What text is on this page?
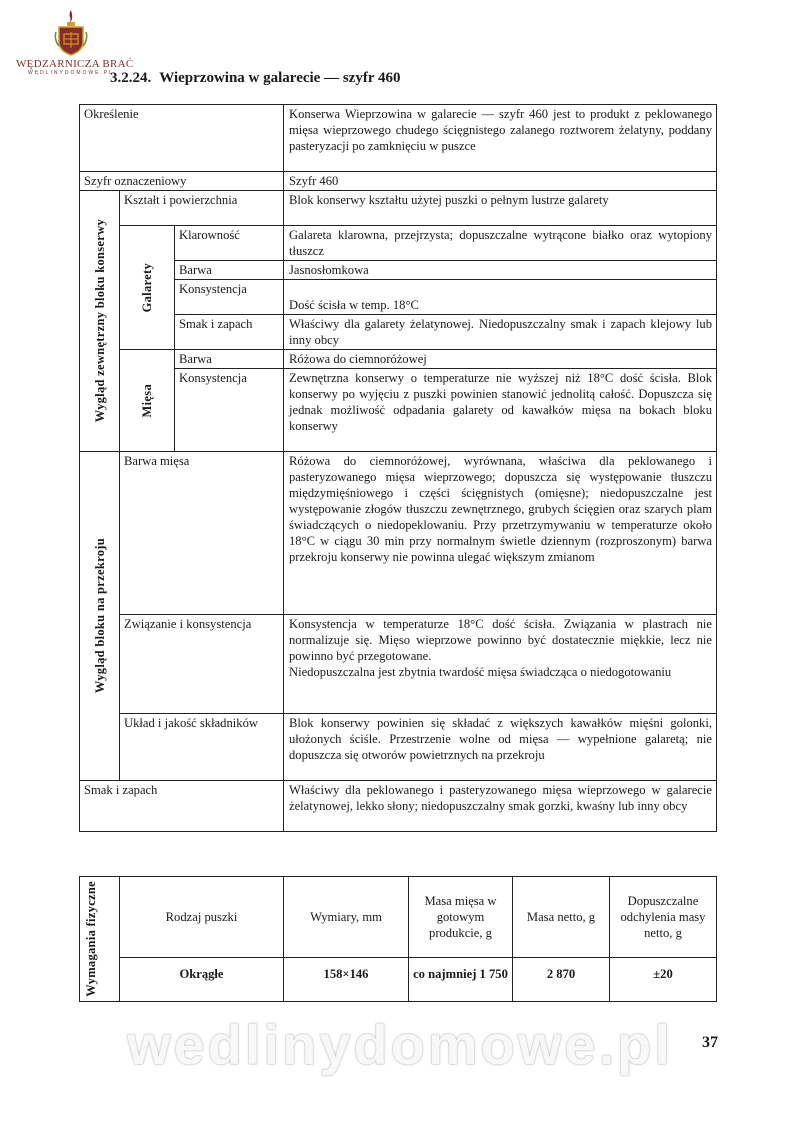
WĘDZARNICZA BRAĆ
WĘDLINYDOMOWE.PL
3.2.24. Wieprzowina w galarecie — szyfr 460
Określenie			Konserwa Wieprzowina w galarecie — szyfr 460 jest to produkt z peklowanego mięsa wieprzowego chudego ścięgnistego zalanego roztworem żelatyny, poddany pasteryzacji po zamknięciu w puszce
Szyfr oznaczeniowy			Szyfr 460

Wygląd zewnętrzny bloku konserwy	Kształt i powierzchnia		Blok konserwy kształtu użytej puszki o pełnym lustrze galarety

	Galarety	Klarowność	Galareta klarowna, przejrzysta; dopuszczalne wytrącone białko oraz wytopiony tłuszcz
		Barwa	Jasnosłomkowa
		Konsystencja	Dość ścisła w temp. 18°C
		Smak i zapach	Właściwy dla galarety żelatynowej. Niedopuszczalny smak i zapach klejowy lub inny obcy

	Mięsa	Barwa	Różowa do ciemnoróżowej
		Konsystencja	Zewnętrzna konserwy o temperaturze nie wyższej niż 18°C dość ścisła. Blok konserwy po wyjęciu z puszki powinien stanowić jednolitą całość. Dopuszcza się jednak możliwość odpadania galarety od kawałków mięsa na bokach bloku konserwy

Wygląd bloku na przekroju	Barwa mięsa		Różowa do ciemnoróżowej, wyrównana, właściwa dla peklowanego i pasteryzowanego mięsa wieprzowego; dopuszcza się występowanie tłuszczu międzymięśniowego i części ścięgnistych (omięsne); niedopuszczalne jest występowanie złogów tłuszczu zewnętrznego, grubych ścięgien oraz szarych plam świadczących o niedopeklowaniu. Przy przetrzymywaniu w temperaturze około 18°C w ciągu 30 min przy normalnym świetle dziennym (rozproszonym) barwa przekroju konserwy nie powinna ulegać większym zmianom
	Związanie i konsystencja		Konsystencja w temperaturze 18°C dość ścisła. Związania w plastrach nie normalizuje się. Mięso wieprzowe powinno być dostatecznie miękkie, lecz nie powinno być przegotowane.
Niedopuszczalna jest zbytnia twardość mięsa świadcząca o niedogotowaniu
	Układ i jakość składników		Blok konserwy powinien się składać z większych kawałków mięśni golonki, ułożonych ściśle. Przestrzenie wolne od mięsa — wypełnione galaretą; nie dopuszcza się otworów powietrznych na przekroju
Smak i zapach			Właściwy dla peklowanego i pasteryzowanego mięsa wieprzowego w galarecie żelatynowej, lekko słony; niedopuszczalny smak gorzki, kwaśny lub inny obcy
Wymagania fizyczne	Rodzaj puszki	Wymiary, mm	Masa mięsa w gotowym produkcie, g	Masa netto, g	Dopuszczalne odchylenia masy netto, g
	Okrągłe	158×146	co najmniej 1 750	2 870	±20
wedlinydomowe.pl	37
